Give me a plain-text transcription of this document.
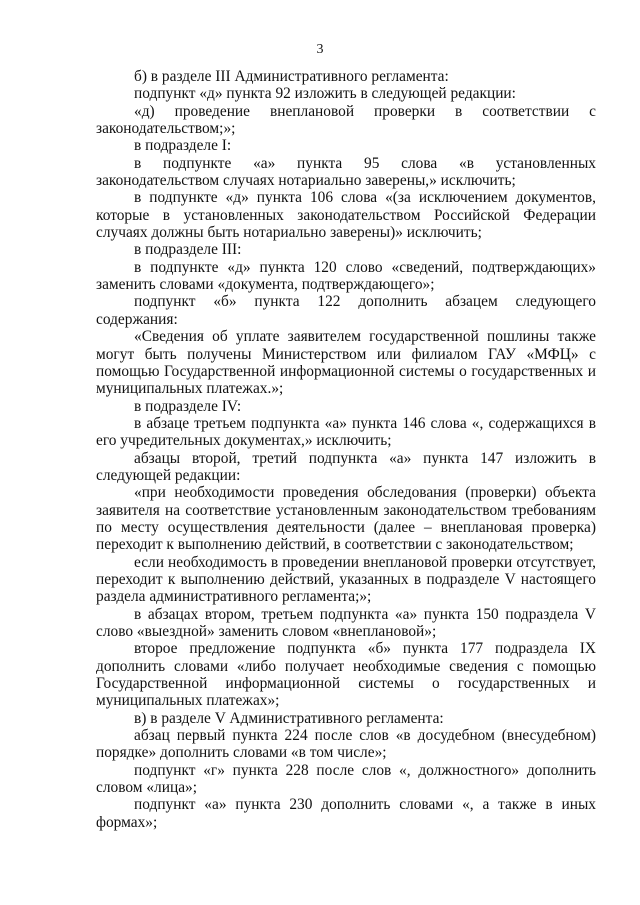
3

б) в разделе III Административного регламента:

подпункт «д» пункта 92 изложить в следующей редакции:

«д) проведение внеплановой проверки в соответствии с законодательством;»;

в подразделе I:

в подпункте «а» пункта 95 слова «в установленных законодательством случаях нотариально заверены,» исключить;

в подпункте «д» пункта 106 слова «(за исключением документов, которые в установленных законодательством Российской Федерации случаях должны быть нотариально заверены)» исключить;

в подразделе III:

в подпункте «д» пункта 120 слово «сведений, подтверждающих» заменить словами «документа, подтверждающего»;

подпункт «б» пункта 122 дополнить абзацем следующего содержания:

«Сведения об уплате заявителем государственной пошлины также могут быть получены Министерством или филиалом ГАУ «МФЦ» с помощью Государственной информационной системы о государственных и муниципальных платежах.»;

в подразделе IV:

в абзаце третьем подпункта «а» пункта 146 слова «, содержащихся в его учредительных документах,» исключить;

абзацы второй, третий подпункта «а» пункта 147 изложить в следующей редакции:

«при необходимости проведения обследования (проверки) объекта заявителя на соответствие установленным законодательством требованиям по месту осуществления деятельности (далее – внеплановая проверка) переходит к выполнению действий, в соответствии с законодательством;

если необходимость в проведении внеплановой проверки отсутствует, переходит к выполнению действий, указанных в подразделе V настоящего раздела административного регламента;»;

в абзацах втором, третьем подпункта «а» пункта 150 подраздела V слово «выездной» заменить словом «внеплановой»;

второе предложение подпункта «б» пункта 177 подраздела IX дополнить словами «либо получает необходимые сведения с помощью Государственной информационной системы о государственных и муниципальных платежах»;

в) в разделе V Административного регламента:

абзац первый пункта 224 после слов «в досудебном (внесудебном) порядке» дополнить словами «в том числе»;

подпункт «г» пункта 228 после слов «, должностного» дополнить словом «лица»;

подпункт «а» пункта 230 дополнить словами «, а также в иных формах»;
